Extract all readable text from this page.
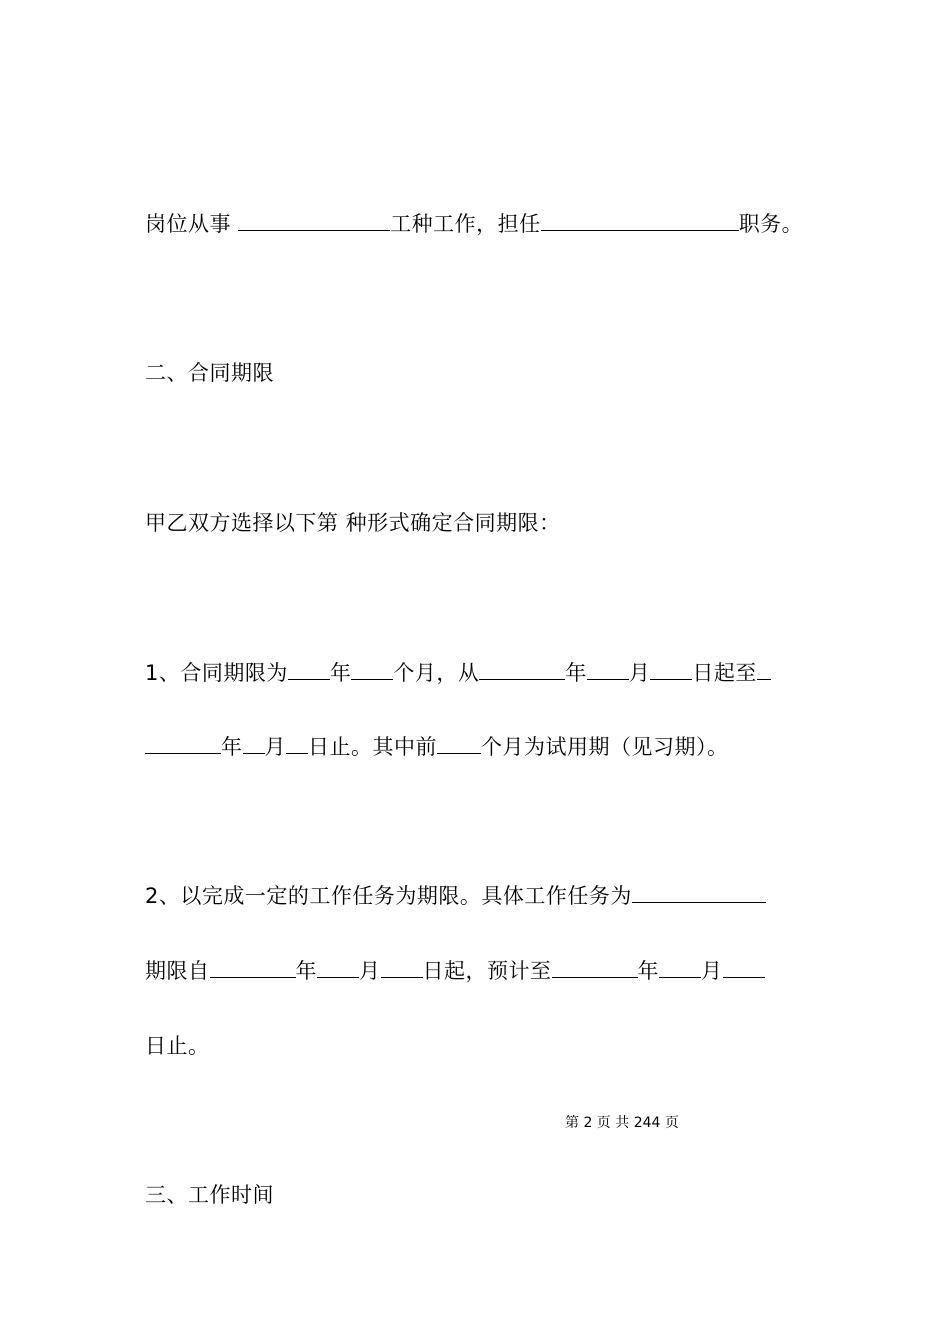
岗位从事	工种工作，担任	职务。
二、合同期限
甲乙双方选择以下第 种形式确定合同期限：
1、合同期限为 年 个月，从	年 月 日起至
年 月 日止。其中前 个月为试用期（见习期）。
2、以完成一定的工作任务为期限。具体工作任务为
期限自	年 月 日起，预计至	年 月
日止。
第 2 页 共 244 页
三、工作时间
